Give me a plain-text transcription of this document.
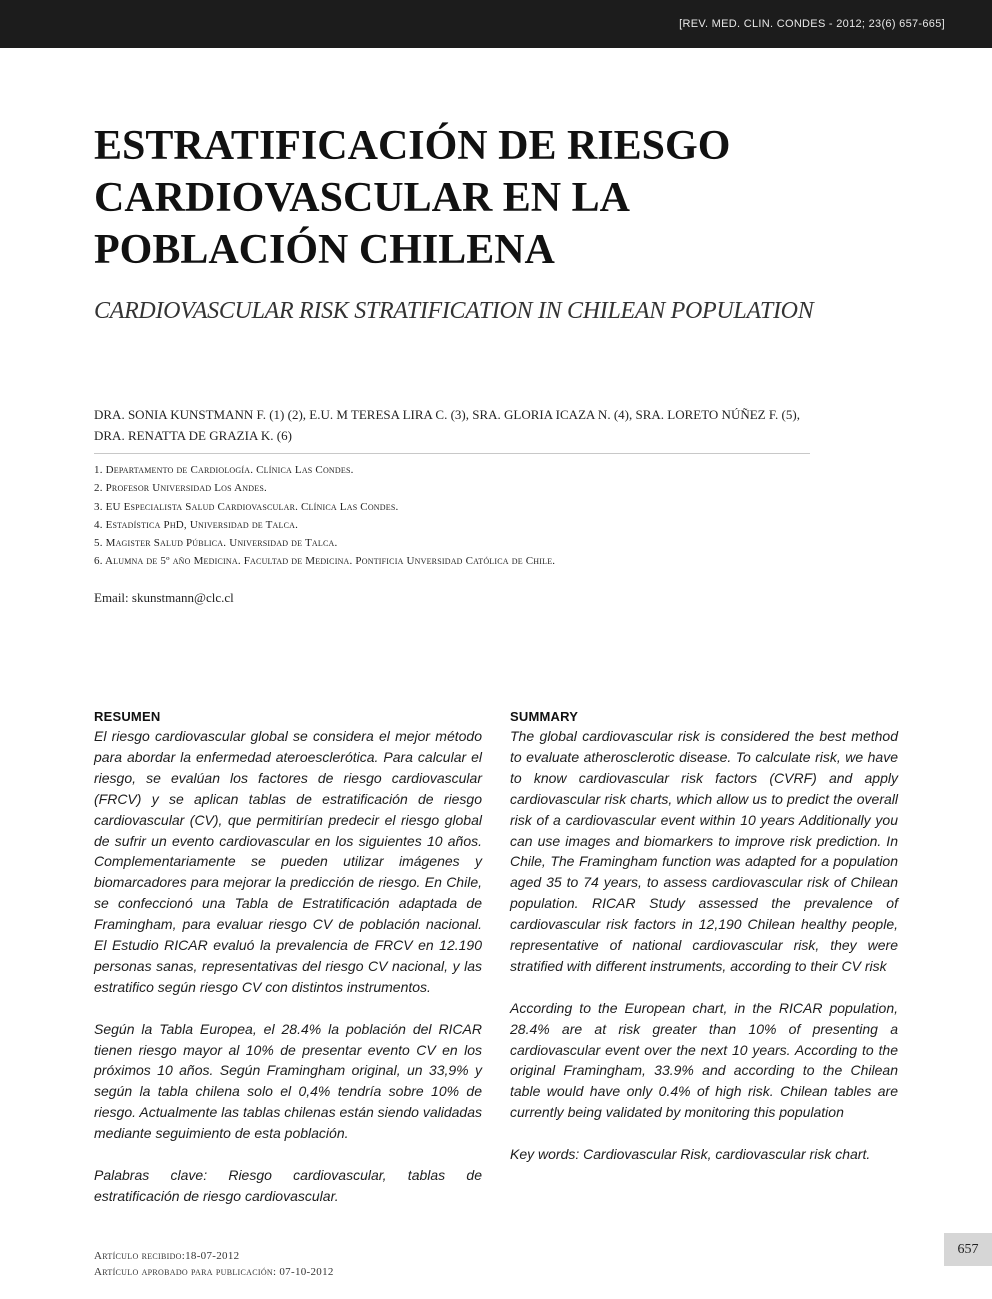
[REV. MED. CLIN. CONDES - 2012; 23(6) 657-665]
ESTRATIFICACIÓN DE RIESGO
CARDIOVASCULAR EN LA
POBLACIÓN CHILENA
CARDIOVASCULAR RISK STRATIFICATION IN CHILEAN POPULATION
DRA. SONIA KUNSTMANN F. (1) (2), E.U. M TERESA LIRA C. (3), SRA. GLORIA ICAZA N. (4), SRA. LORETO NÚÑEZ F. (5),
DRA. RENATTA DE GRAZIA K. (6)
1. Departamento de Cardiología. Clínica Las Condes.
2. Profesor Universidad Los Andes.
3. EU Especialista Salud Cardiovascular. Clínica Las Condes.
4. Estadística PhD, Universidad de Talca.
5. Magister Salud Pública. Universidad de Talca.
6. Alumna de 5º año Medicina. Facultad de Medicina. Pontificia Unversidad Católica de Chile.
Email: skunstmann@clc.cl
RESUMEN

El riesgo cardiovascular global se considera el mejor método para abordar la enfermedad ateroesclerótica. Para calcular el riesgo, se evalúan los factores de riesgo cardiovascular (FRCV) y se aplican tablas de estratificación de riesgo cardiovascular (CV), que permitirían predecir el riesgo global de sufrir un evento cardiovascular en los siguientes 10 años. Complementariamente se pueden utilizar imágenes y biomarcadores para mejorar la predicción de riesgo. En Chile, se confeccionó una Tabla de Estratificación adaptada de Framingham, para evaluar riesgo CV de población nacional. El Estudio RICAR evaluó la prevalencia de FRCV en 12.190 personas sanas, representativas del riesgo CV nacional, y las estratifico según riesgo CV con distintos instrumentos.

Según la Tabla Europea, el 28.4% la población del RICAR tienen riesgo mayor al 10% de presentar evento CV en los próximos 10 años. Según Framingham original, un 33,9% y según la tabla chilena solo el 0,4% tendría sobre 10% de riesgo. Actualmente las tablas chilenas están siendo validadas mediante seguimiento de esta población.

Palabras clave: Riesgo cardiovascular, tablas de estratificación de riesgo cardiovascular.

SUMMARY

The global cardiovascular risk is considered the best method to evaluate atherosclerotic disease. To calculate risk, we have to know cardiovascular risk factors (CVRF) and apply cardiovascular risk charts, which allow us to predict the overall risk of a cardiovascular event within 10 years Additionally you can use images and biomarkers to improve risk prediction. In Chile, The Framingham function was adapted for a population aged 35 to 74 years, to assess cardiovascular risk of Chilean population. RICAR Study assessed the prevalence of cardiovascular risk factors in 12,190 Chilean healthy people, representative of national cardiovascular risk, they were stratified with different instruments, according to their CV risk

According to the European chart, in the RICAR population, 28.4% are at risk greater than 10% of presenting a cardiovascular event over the next 10 years. According to the original Framingham, 33.9% and according to the Chilean table would have only 0.4% of high risk. Chilean tables are currently being validated by monitoring this population

Key words: Cardiovascular Risk, cardiovascular risk chart.

Artículo recibido:18-07-2012
Artículo aprobado para publicación: 07-10-2012
657
